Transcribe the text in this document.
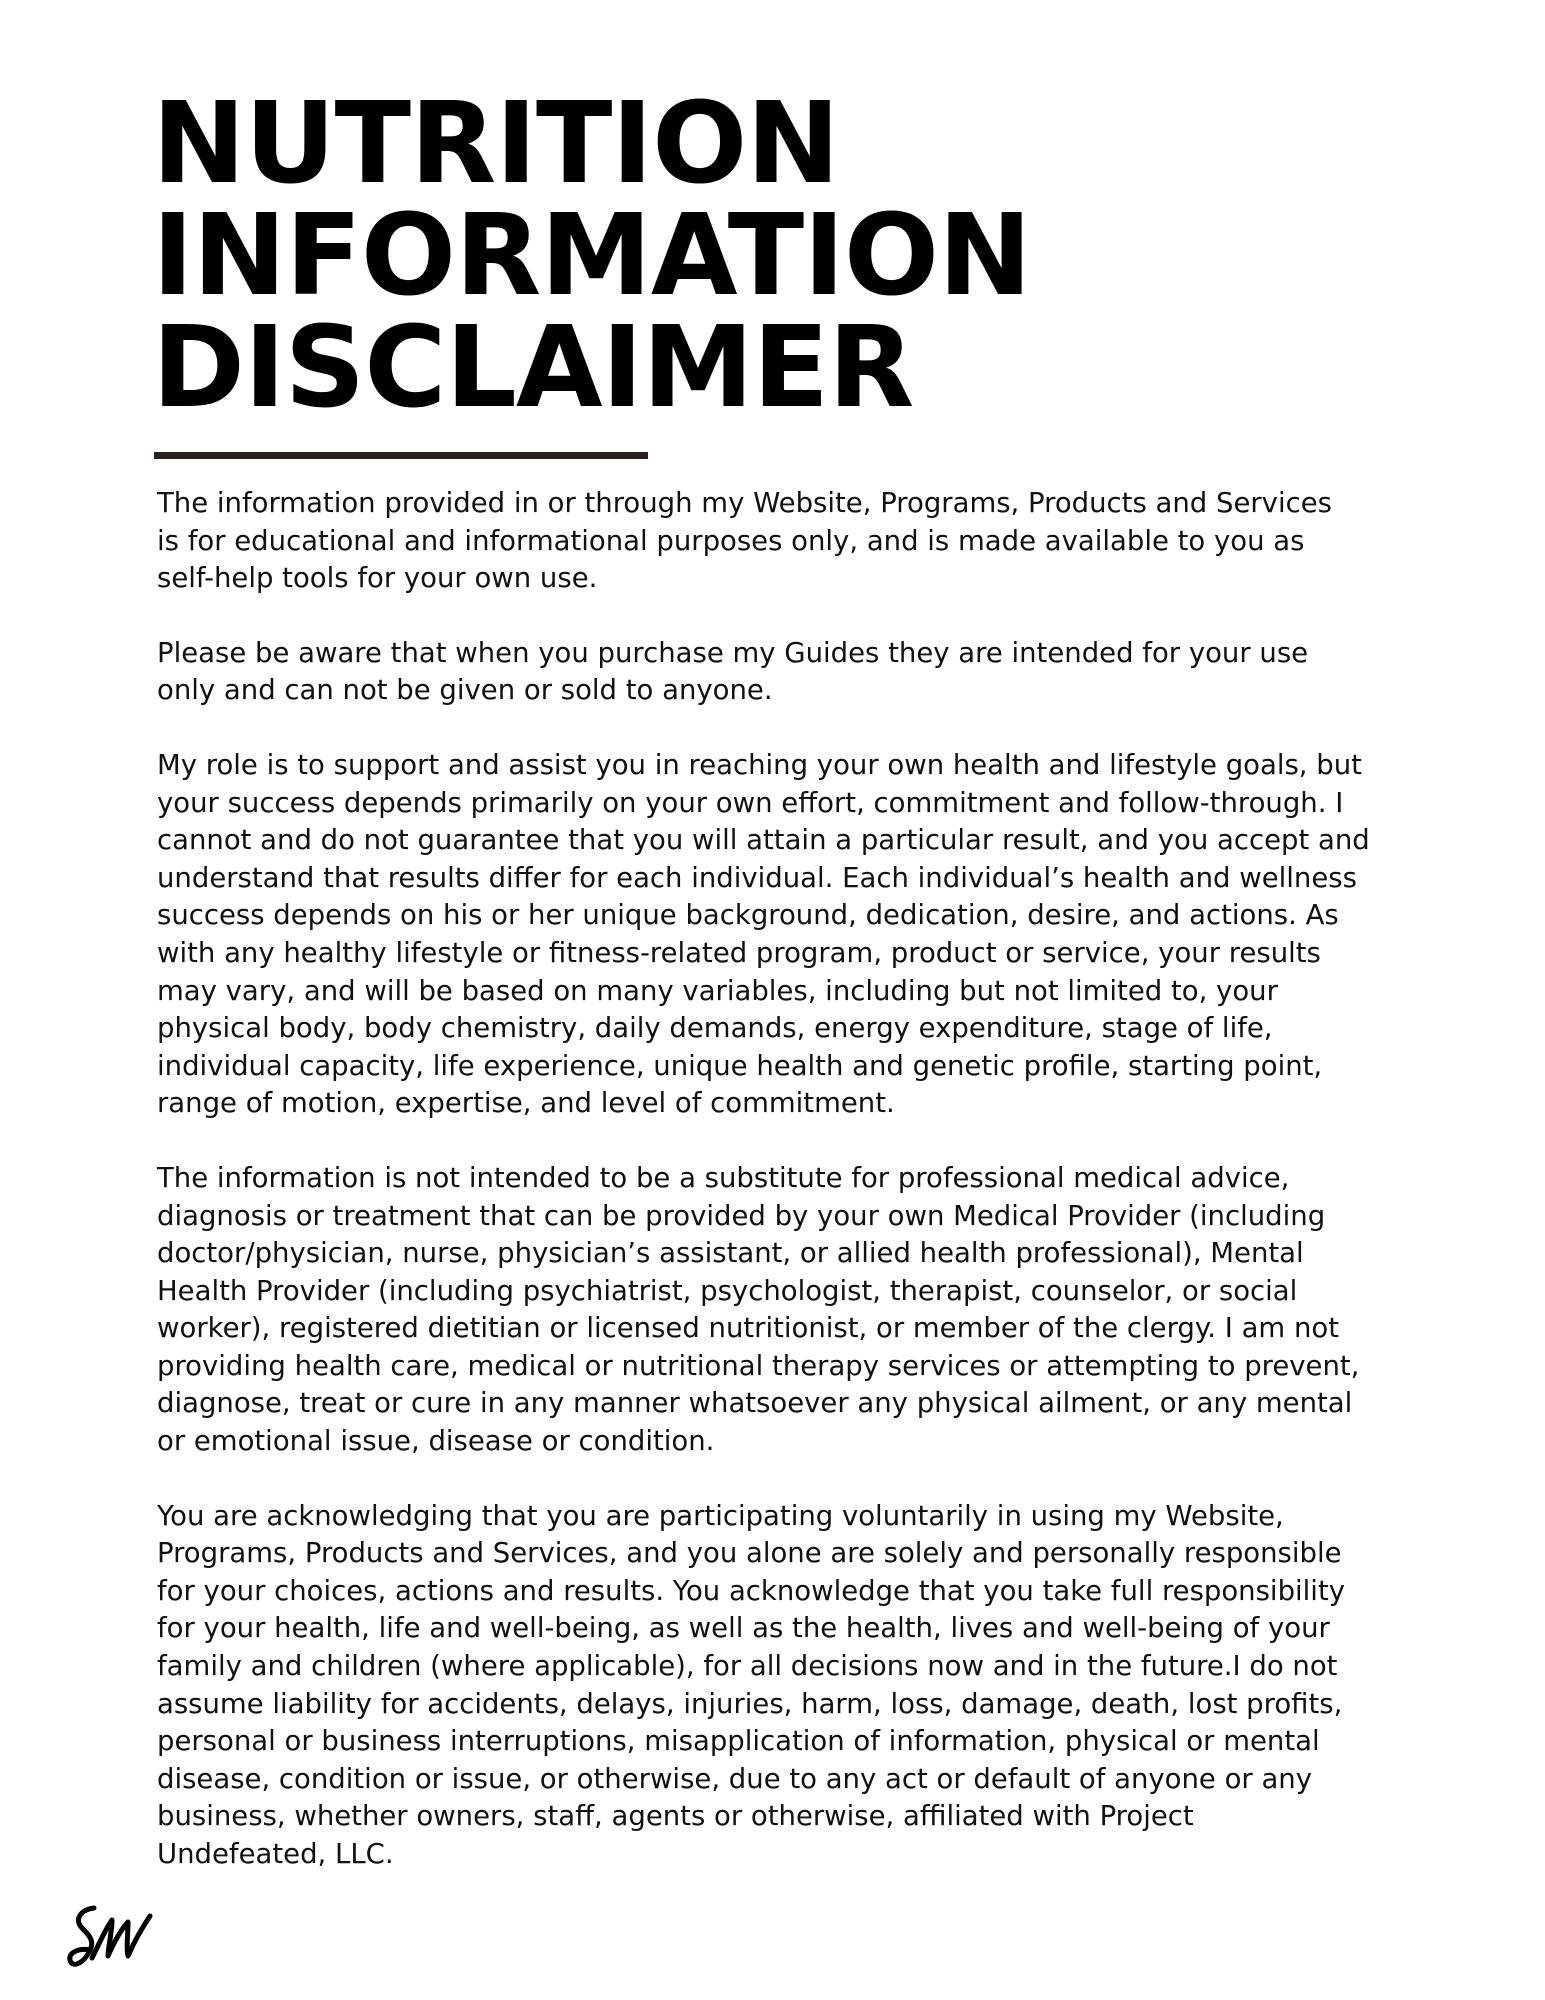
NUTRITION
INFORMATION
DISCLAIMER
The information provided in or through my Website, Programs, Products and Services
is for educational and informational purposes only, and is made available to you as
self-help tools for your own use.
Please be aware that when you purchase my Guides they are intended for your use
only and can not be given or sold to anyone.
My role is to support and assist you in reaching your own health and lifestyle goals, but
your success depends primarily on your own effort, commitment and follow-through. I
cannot and do not guarantee that you will attain a particular result, and you accept and
understand that results differ for each individual. Each individual’s health and wellness
success depends on his or her unique background, dedication, desire, and actions. As
with any healthy lifestyle or fitness-related program, product or service, your results
may vary, and will be based on many variables, including but not limited to, your
physical body, body chemistry, daily demands, energy expenditure, stage of life,
individual capacity, life experience, unique health and genetic profile, starting point,
range of motion, expertise, and level of commitment.
The information is not intended to be a substitute for professional medical advice,
diagnosis or treatment that can be provided by your own Medical Provider (including
doctor/physician, nurse, physician’s assistant, or allied health professional), Mental
Health Provider (including psychiatrist, psychologist, therapist, counselor, or social
worker), registered dietitian or licensed nutritionist, or member of the clergy. I am not
providing health care, medical or nutritional therapy services or attempting to prevent,
diagnose, treat or cure in any manner whatsoever any physical ailment, or any mental
or emotional issue, disease or condition.
You are acknowledging that you are participating voluntarily in using my Website,
Programs, Products and Services, and you alone are solely and personally responsible
for your choices, actions and results. You acknowledge that you take full responsibility
for your health, life and well-being, as well as the health, lives and well-being of your
family and children (where applicable), for all decisions now and in the future.I do not
assume liability for accidents, delays, injuries, harm, loss, damage, death, lost profits,
personal or business interruptions, misapplication of information, physical or mental
disease, condition or issue, or otherwise, due to any act or default of anyone or any
business, whether owners, staff, agents or otherwise, affiliated with Project
Undefeated, LLC.
